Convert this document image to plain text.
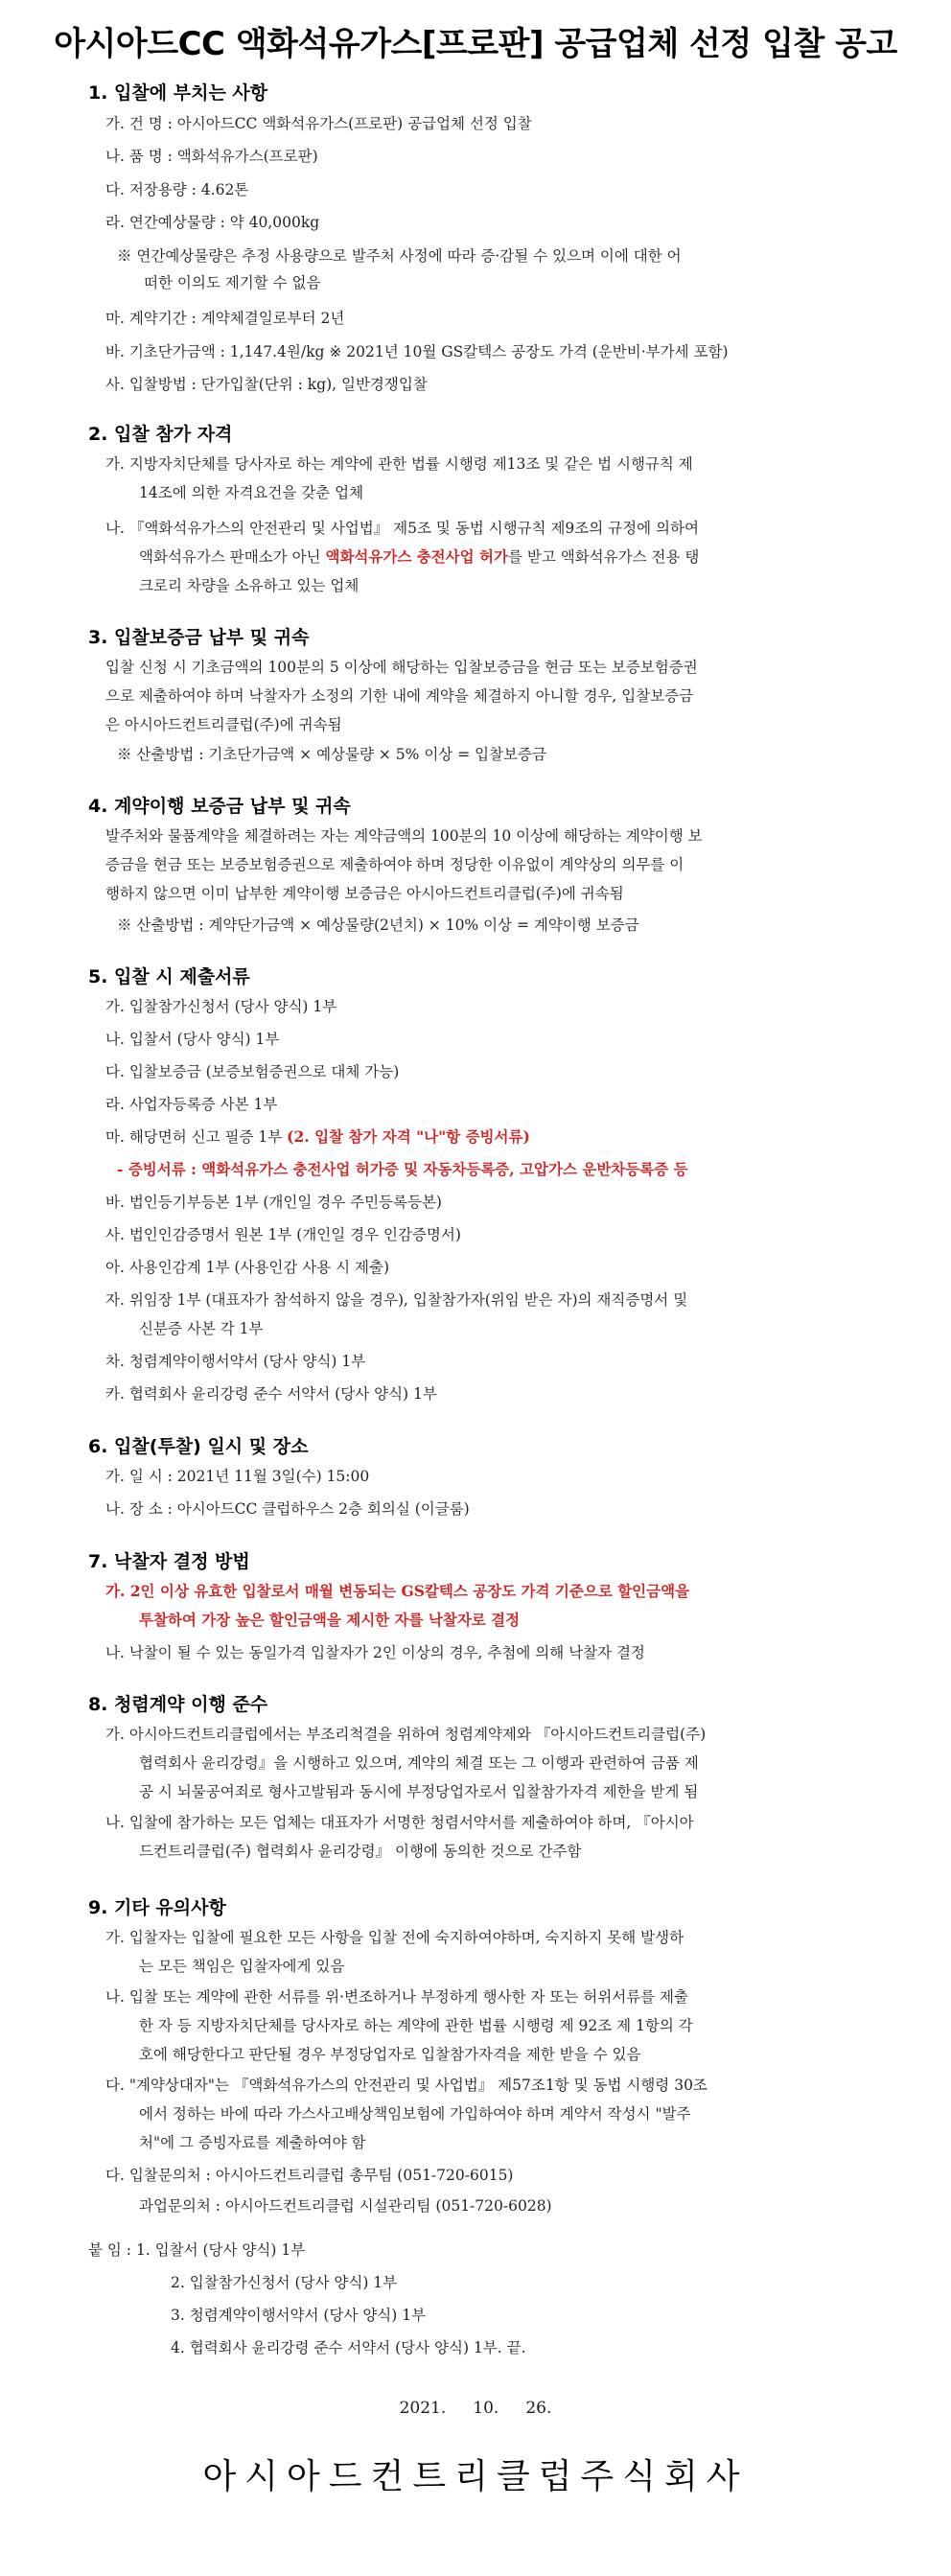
아시아드CC 액화석유가스[프로판] 공급업체 선정 입찰 공고
1. 입찰에 부치는 사항
가. 건 명 : 아시아드CC 액화석유가스(프로판) 공급업체 선정 입찰
나. 품 명 : 액화석유가스(프로판)
다. 저장용량 : 4.62톤
라. 연간예상물량 : 약 40,000kg
※ 연간예상물량은 추정 사용량으로 발주처 사정에 따라 증·감될 수 있으며 이에 대한 어
떠한 이의도 제기할 수 없음
마. 계약기간 : 계약체결일로부터 2년
바. 기초단가금액 : 1,147.4원/kg ※ 2021년 10월 GS칼텍스 공장도 가격 (운반비·부가세 포함)
사. 입찰방법 : 단가입찰(단위 : kg), 일반경쟁입찰
2. 입찰 참가 자격
가. 지방자치단체를 당사자로 하는 계약에 관한 법률 시행령 제13조 및 같은 법 시행규칙 제
14조에 의한 자격요건을 갖춘 업체
나. 『액화석유가스의 안전관리 및 사업법』 제5조 및 동법 시행규칙 제9조의 규정에 의하여
액화석유가스 판매소가 아닌 액화석유가스 충전사업 허가를 받고 액화석유가스 전용 탱
크로리 차량을 소유하고 있는 업체
3. 입찰보증금 납부 및 귀속
입찰 신청 시 기초금액의 100분의 5 이상에 해당하는 입찰보증금을 현금 또는 보증보험증권
으로 제출하여야 하며 낙찰자가 소정의 기한 내에 계약을 체결하지 아니할 경우, 입찰보증금
은 아시아드컨트리클럽(주)에 귀속됨
※ 산출방법 : 기초단가금액 × 예상물량 × 5% 이상 = 입찰보증금
4. 계약이행 보증금 납부 및 귀속
발주처와 물품계약을 체결하려는 자는 계약금액의 100분의 10 이상에 해당하는 계약이행 보
증금을 현금 또는 보증보험증권으로 제출하여야 하며 정당한 이유없이 계약상의 의무를 이
행하지 않으면 이미 납부한 계약이행 보증금은 아시아드컨트리클럽(주)에 귀속됨
※ 산출방법 : 계약단가금액 × 예상물량(2년치) × 10% 이상 = 계약이행 보증금
5. 입찰 시 제출서류
가. 입찰참가신청서 (당사 양식) 1부
나. 입찰서 (당사 양식) 1부
다. 입찰보증금 (보증보험증권으로 대체 가능)
라. 사업자등록증 사본 1부
마. 해당면허 신고 필증 1부 (2. 입찰 참가 자격 "나"항 증빙서류)
- 증빙서류 : 액화석유가스 충전사업 허가증 및 자동차등록증, 고압가스 운반차등록증 등
바. 법인등기부등본 1부 (개인일 경우 주민등록등본)
사. 법인인감증명서 원본 1부 (개인일 경우 인감증명서)
아. 사용인감계 1부 (사용인감 사용 시 제출)
자. 위임장 1부 (대표자가 참석하지 않을 경우), 입찰참가자(위임 받은 자)의 재직증명서 및
신분증 사본 각 1부
차. 청렴계약이행서약서 (당사 양식) 1부
카. 협력회사 윤리강령 준수 서약서 (당사 양식) 1부
6. 입찰(투찰) 일시 및 장소
가. 일 시 : 2021년 11월 3일(수) 15:00
나. 장 소 : 아시아드CC 클럽하우스 2층 회의실 (이글룸)
7. 낙찰자 결정 방법
가. 2인 이상 유효한 입찰로서 매월 변동되는 GS칼텍스 공장도 가격 기준으로 할인금액을
투찰하여 가장 높은 할인금액을 제시한 자를 낙찰자로 결정
나. 낙찰이 될 수 있는 동일가격 입찰자가 2인 이상의 경우, 추첨에 의해 낙찰자 결정
8. 청렴계약 이행 준수
가. 아시아드컨트리클럽에서는 부조리척결을 위하여 청렴계약제와 『아시아드컨트리클럽(주)
협력회사 윤리강령』을 시행하고 있으며, 계약의 체결 또는 그 이행과 관련하여 금품 제
공 시 뇌물공여죄로 형사고발됨과 동시에 부정당업자로서 입찰참가자격 제한을 받게 됨
나. 입찰에 참가하는 모든 업체는 대표자가 서명한 청렴서약서를 제출하여야 하며, 『아시아
드컨트리클럽(주) 협력회사 윤리강령』 이행에 동의한 것으로 간주함
9. 기타 유의사항
가. 입찰자는 입찰에 필요한 모든 사항을 입찰 전에 숙지하여야하며, 숙지하지 못해 발생하
는 모든 책임은 입찰자에게 있음
나. 입찰 또는 계약에 관한 서류를 위·변조하거나 부정하게 행사한 자 또는 허위서류를 제출
한 자 등 지방자치단체를 당사자로 하는 계약에 관한 법률 시행령 제 92조 제 1항의 각
호에 해당한다고 판단될 경우 부정당업자로 입찰참가자격을 제한 받을 수 있음
다. "계약상대자"는 『액화석유가스의 안전관리 및 사업법』 제57조1항 및 동법 시행령 30조
에서 정하는 바에 따라 가스사고배상책임보험에 가입하여야 하며 계약서 작성시 "발주
처"에 그 증빙자료를 제출하여야 함
다. 입찰문의처 : 아시아드컨트리클럽 총무팀 (051-720-6015)
과업문의처 : 아시아드컨트리클럽 시설관리팀 (051-720-6028)
붙 임 : 1. 입찰서 (당사 양식) 1부
2. 입찰참가신청서 (당사 양식) 1부
3. 청렴계약이행서약서 (당사 양식) 1부
4. 협력회사 윤리강령 준수 서약서 (당사 양식) 1부. 끝.
2021. 10. 26.
아시아드컨트리클럽주식회사
